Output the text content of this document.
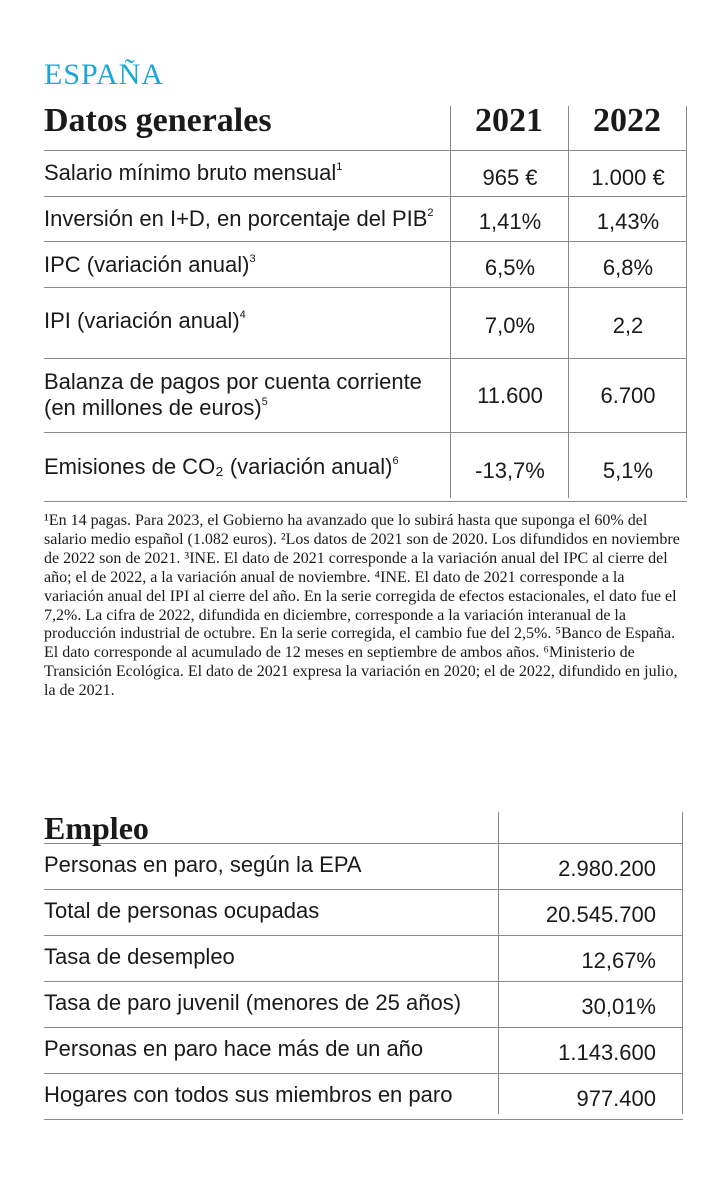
ESPAÑA
Datos generales	2021	2022
Salario mínimo bruto mensual$^1$	965 €	1.000 €
Inversión en I+D, en porcentaje del PIB$^2$	1,41%	1,43%
IPC (variación anual)$^3$	6,5%	6,8%
IPI (variación anual)$^4$	7,0%	2,2
Balanza de pagos por cuenta corriente
(en millones de euros)$^5$	11.600	6.700
Emisiones de CO₂ (variación anual)$^6$	-13,7%	5,1%
¹En 14 pagas. Para 2023, el Gobierno ha avanzado que lo subirá hasta que suponga el 60% del salario medio español (1.082 euros). ²Los datos de 2021 son de 2020. Los difundidos en noviembre de 2022 son de 2021. ³INE. El dato de 2021 corresponde a la variación anual del IPC al cierre del año; el de 2022, a la variación anual de noviembre. ⁴INE. El dato de 2021 corresponde a la variación anual del IPI al cierre del año. En la serie corregida de efectos estacionales, el dato fue el 7,2%. La cifra de 2022, difundida en diciembre, corresponde a la variación interanual de la producción industrial de octubre. En la serie corregida, el cambio fue del 2,5%. ⁵Banco de España. El dato corresponde al acumulado de 12 meses en septiembre de ambos años. ⁶Ministerio de Transición Ecológica. El dato de 2021 expresa la variación en 2020; el de 2022, difundido en julio, la de 2021.
Empleo
Personas en paro, según la EPA	2.980.200
Total de personas ocupadas	20.545.700
Tasa de desempleo	12,67%
Tasa de paro juvenil (menores de 25 años)	30,01%
Personas en paro hace más de un año	1.143.600
Hogares con todos sus miembros en paro	977.400
